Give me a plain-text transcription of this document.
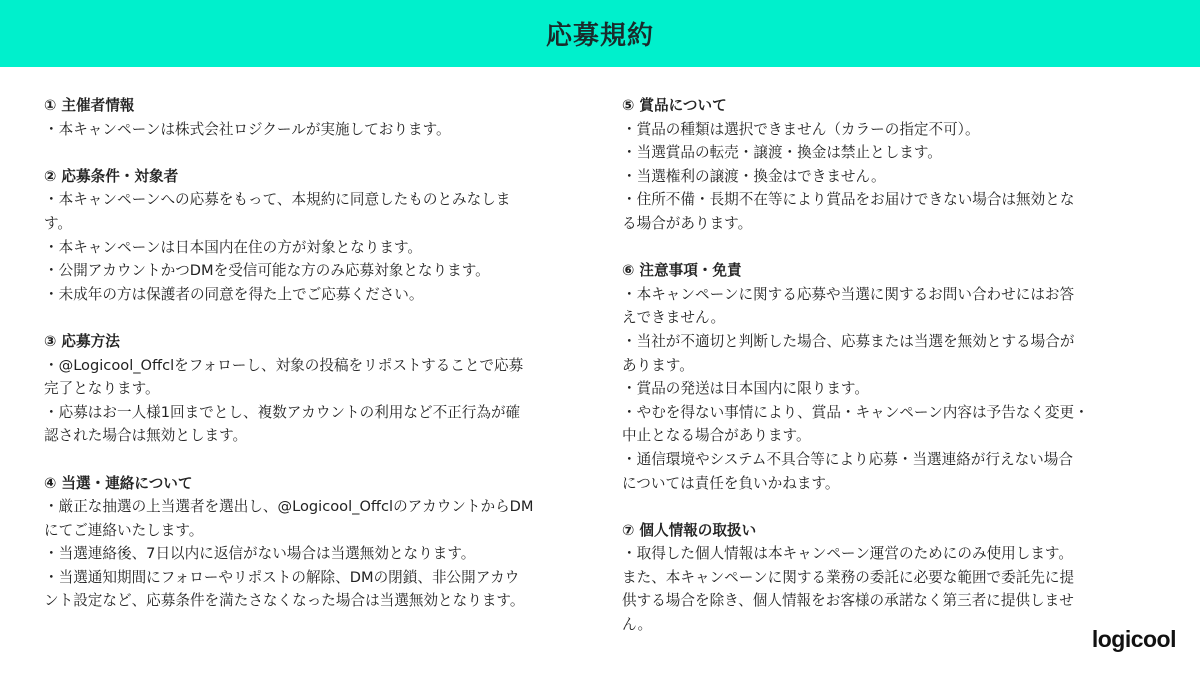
応募規約
① 主催者情報
・本キャンペーンは株式会社ロジクールが実施しております。
② 応募条件・対象者
・本キャンペーンへの応募をもって、本規約に同意したものとみなしま
す。
・本キャンペーンは日本国内在住の方が対象となります。
・公開アカウントかつDMを受信可能な方のみ応募対象となります。
・未成年の方は保護者の同意を得た上でご応募ください。
③ 応募方法
・@Logicool_Offclをフォローし、対象の投稿をリポストすることで応募
完了となります。
・応募はお一人様1回までとし、複数アカウントの利用など不正行為が確
認された場合は無効とします。
④ 当選・連絡について
・厳正な抽選の上当選者を選出し、@Logicool_OffclのアカウントからDM
にてご連絡いたします。
・当選連絡後、7日以内に返信がない場合は当選無効となります。
・当選通知期間にフォローやリポストの解除、DMの閉鎖、非公開アカウ
ント設定など、応募条件を満たさなくなった場合は当選無効となります。
⑤ 賞品について
・賞品の種類は選択できません（カラーの指定不可）。
・当選賞品の転売・譲渡・換金は禁止とします。
・当選権利の譲渡・換金はできません。
・住所不備・長期不在等により賞品をお届けできない場合は無効とな
る場合があります。
⑥ 注意事項・免責
・本キャンペーンに関する応募や当選に関するお問い合わせにはお答
えできません。
・当社が不適切と判断した場合、応募または当選を無効とする場合が
あります。
・賞品の発送は日本国内に限ります。
・やむを得ない事情により、賞品・キャンペーン内容は予告なく変更・
中止となる場合があります。
・通信環境やシステム不具合等により応募・当選連絡が行えない場合
については責任を負いかねます。
⑦ 個人情報の取扱い
・取得した個人情報は本キャンペーン運営のためにのみ使用します。
また、本キャンペーンに関する業務の委託に必要な範囲で委託先に提
供する場合を除き、個人情報をお客様の承諾なく第三者に提供しませ
ん。
logicool
